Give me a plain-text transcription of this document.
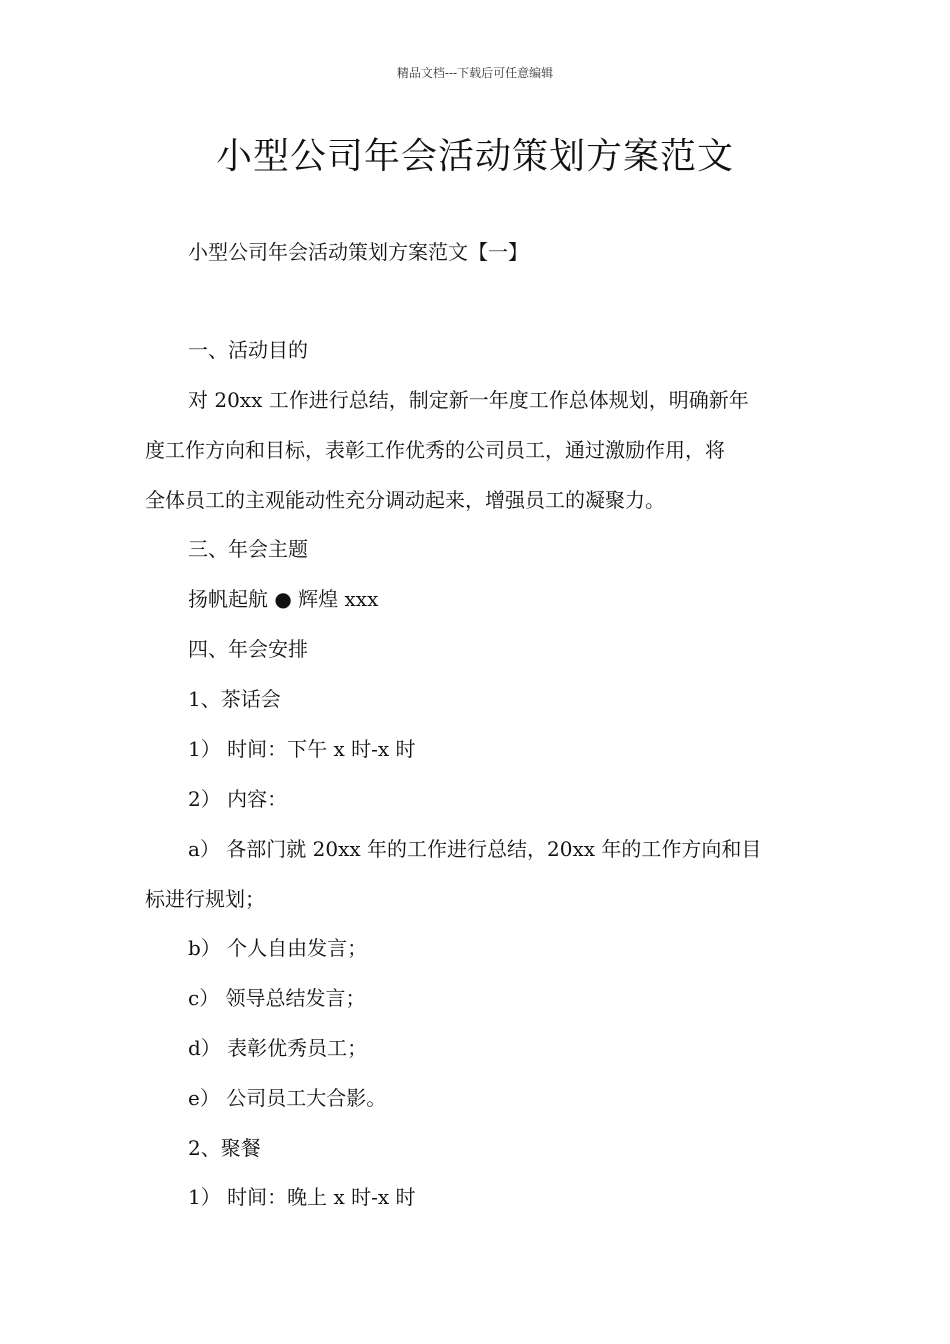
精品文档---下载后可任意编辑
小型公司年会活动策划方案范文
小型公司年会活动策划方案范文【一】
一、活动目的
对 20xx 工作进行总结，制定新一年度工作总体规划，明确新年
度工作方向和目标，表彰工作优秀的公司员工，通过激励作用，将
全体员工的主观能动性充分调动起来，增强员工的凝聚力。
三、年会主题
扬帆起航 ● 辉煌 xxx
四、年会安排
1、茶话会
1） 时间：下午 x 时-x 时
2） 内容：
a） 各部门就 20xx 年的工作进行总结，20xx 年的工作方向和目
标进行规划；
b） 个人自由发言；
c） 领导总结发言；
d） 表彰优秀员工；
e） 公司员工大合影。
2、聚餐
1） 时间：晚上 x 时-x 时
